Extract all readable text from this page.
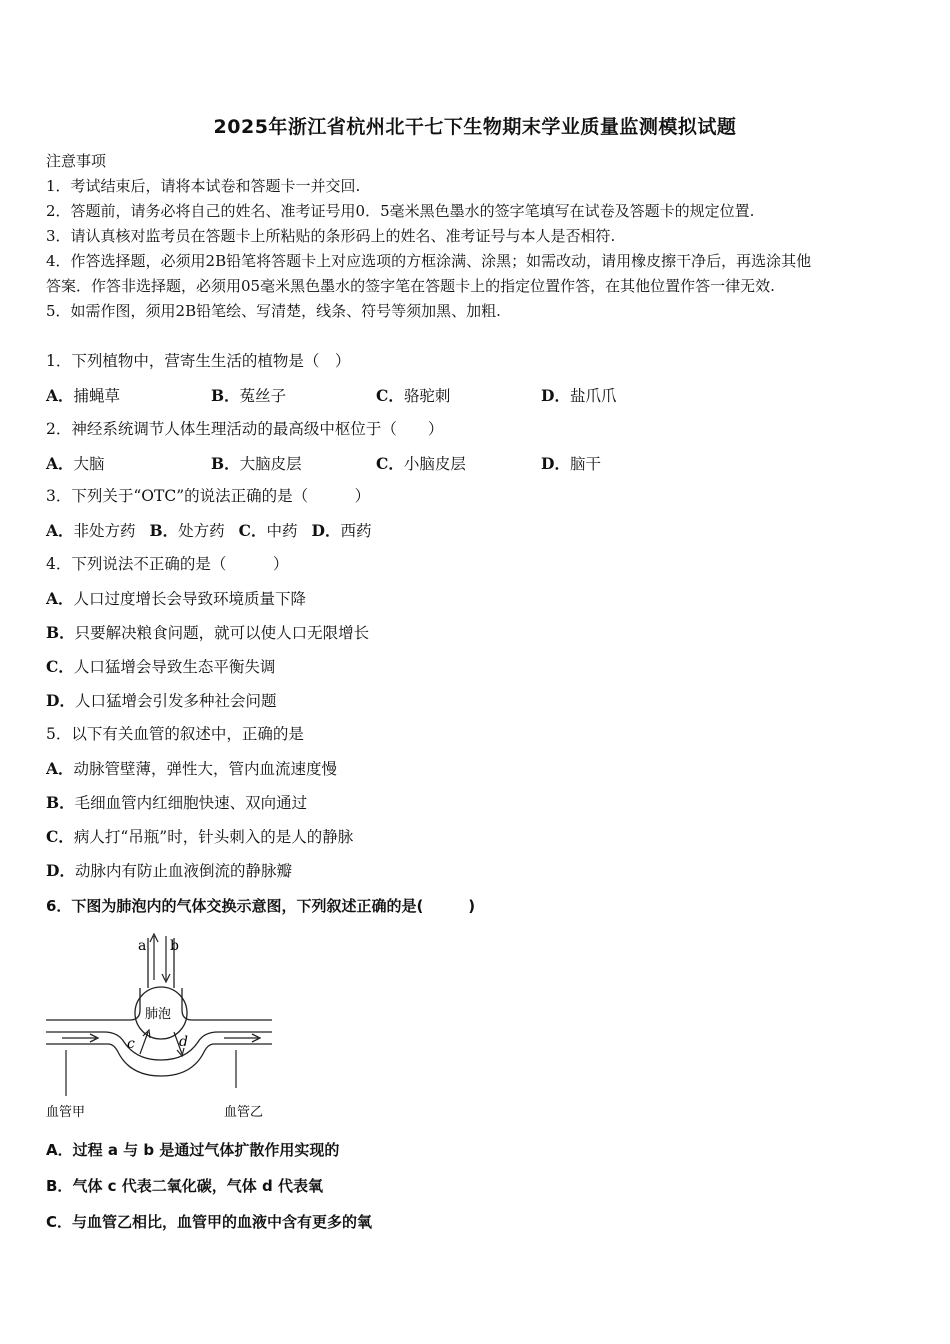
2025年浙江省杭州北干七下生物期末学业质量监测模拟试题
注意事项
1．考试结束后，请将本试卷和答题卡一并交回.
2．答题前，请务必将自己的姓名、准考证号用0．5毫米黑色墨水的签字笔填写在试卷及答题卡的规定位置.
3．请认真核对监考员在答题卡上所粘贴的条形码上的姓名、准考证号与本人是否相符.
4．作答选择题，必须用2B铅笔将答题卡上对应选项的方框涂满、涂黑；如需改动，请用橡皮擦干净后，再选涂其他
答案．作答非选择题，必须用05毫米黑色墨水的签字笔在答题卡上的指定位置作答，在其他位置作答一律无效.
5．如需作图，须用2B铅笔绘、写清楚，线条、符号等须加黑、加粗.
1．下列植物中，营寄生生活的植物是（　）
A．捕蝇草	B．菟丝子	C．骆驼刺	D．盐爪爪
2．神经系统调节人体生理活动的最高级中枢位于（　　）
A．大脑	B．大脑皮层	C．小脑皮层	D．脑干
3．下列关于“OTC”的说法正确的是（　　　）
A．非处方药 B．处方药 C．中药 D．西药
4．下列说法不正确的是（　　　）
A．人口过度增长会导致环境质量下降
B．只要解决粮食问题，就可以使人口无限增长
C．人口猛增会导致生态平衡失调
D．人口猛增会引发多种社会问题
5．以下有关血管的叙述中，正确的是
A．动脉管壁薄，弹性大，管内血流速度慢
B．毛细血管内红细胞快速、双向通过
C．病人打“吊瓶”时，针头刺入的是人的静脉
D．动脉内有防止血液倒流的静脉瓣
6．下图为肺泡内的气体交换示意图，下列叙述正确的是(　　　)
a b
肺泡
c	d
血管甲	血管乙
A．过程 a 与 b 是通过气体扩散作用实现的
B．气体 c 代表二氧化碳，气体 d 代表氧
C．与血管乙相比，血管甲的血液中含有更多的氧
